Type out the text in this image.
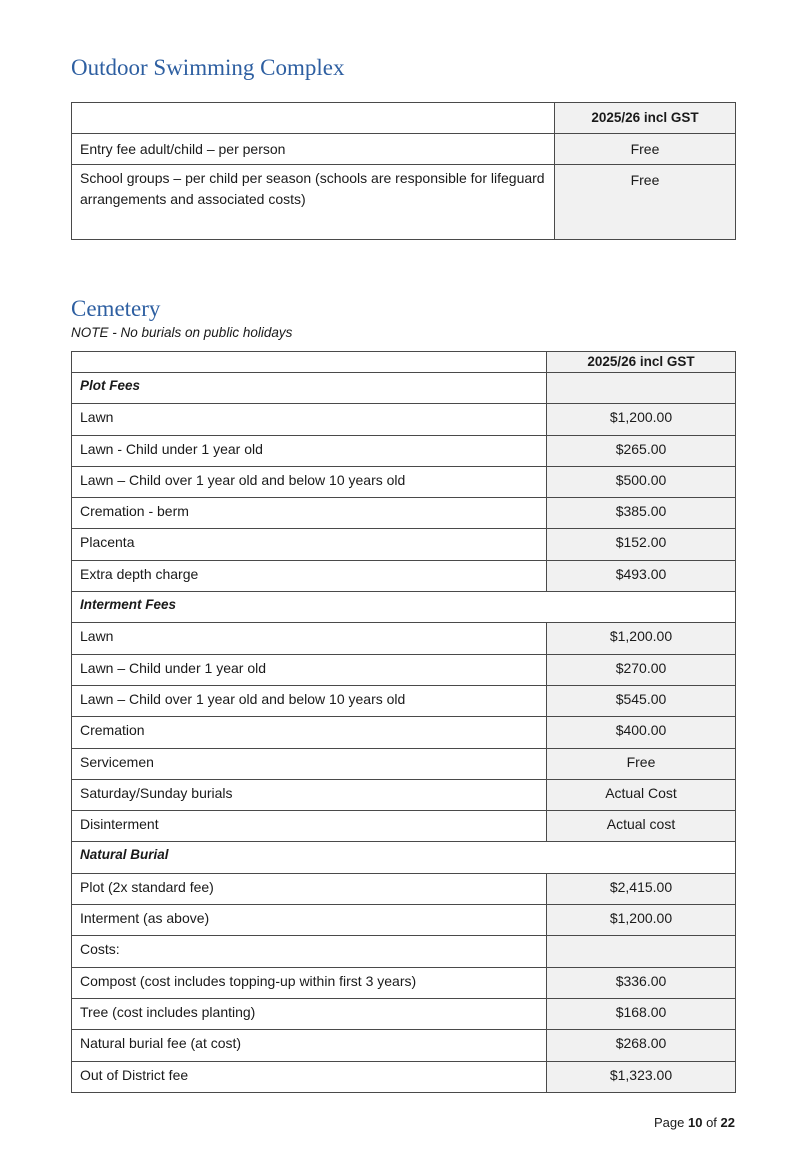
Outdoor Swimming Complex
	2025/26 incl GST
Entry fee adult/child – per person	Free
School groups – per child per season (schools are responsible for lifeguard arrangements and associated costs)	Free
Cemetery
NOTE - No burials on public holidays
	2025/26 incl GST
Plot Fees	
Lawn	$1,200.00
Lawn - Child under 1 year old	$265.00
Lawn – Child over 1 year old and below 10 years old	$500.00
Cremation - berm	$385.00
Placenta	$152.00
Extra depth charge	$493.00
Interment Fees	
Lawn	$1,200.00
Lawn – Child under 1 year old	$270.00
Lawn – Child over 1 year old and below 10 years old	$545.00
Cremation	$400.00
Servicemen	Free
Saturday/Sunday burials	Actual Cost
Disinterment	Actual cost
Natural Burial	
Plot (2x standard fee)	$2,415.00
Interment (as above)	$1,200.00
Costs:	
Compost (cost includes topping-up within first 3 years)	$336.00
Tree (cost includes planting)	$168.00
Natural burial fee (at cost)	$268.00
Out of District fee	$1,323.00
Page 10 of 22
